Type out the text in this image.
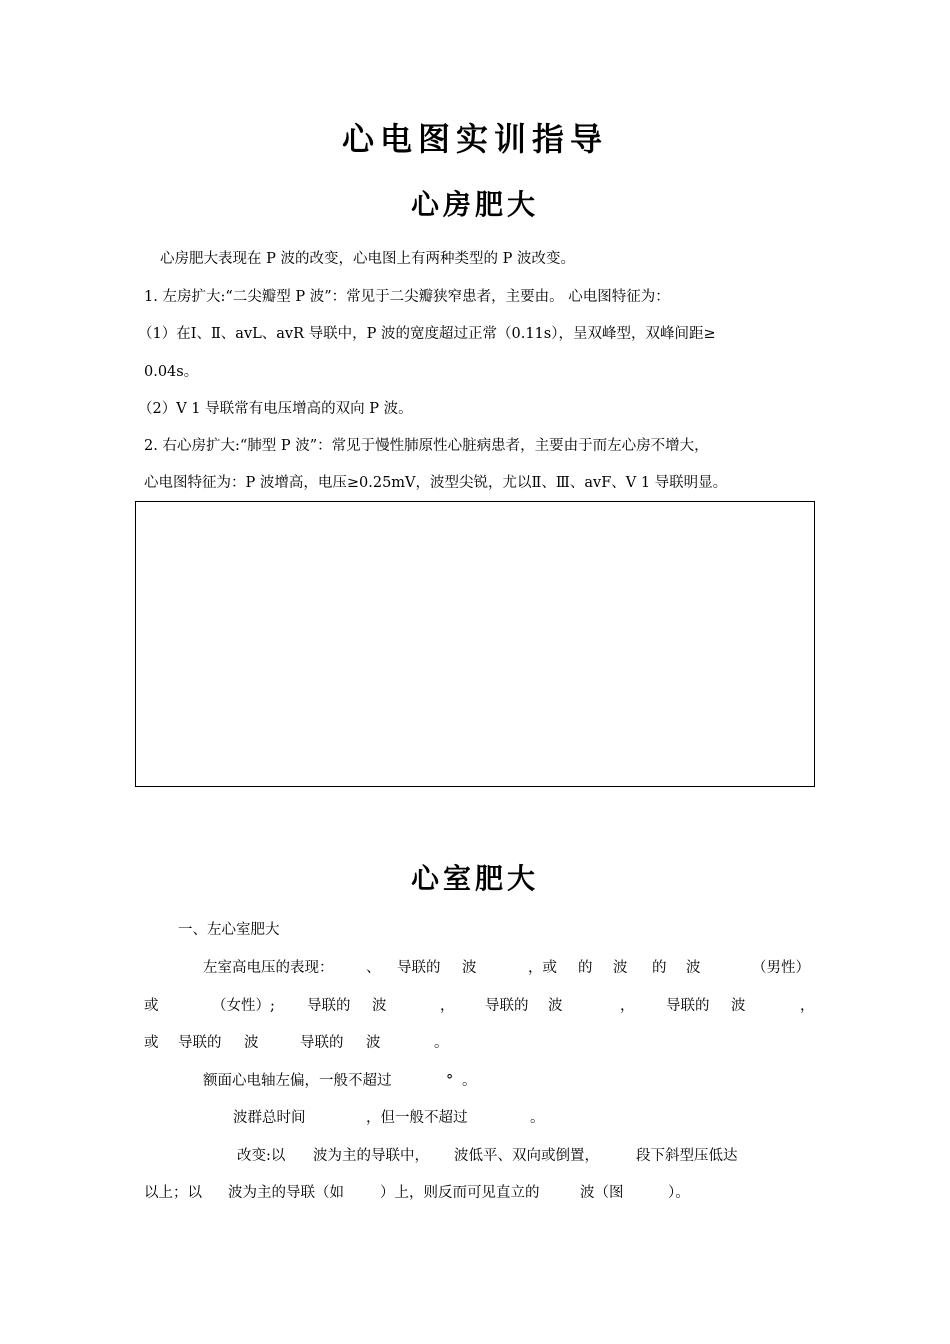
心电图实训指导
心房肥大
心房肥大表现在 P 波的改变，心电图上有两种类型的 P 波改变。
1. 左房扩大:“二尖瓣型 P 波”：常见于二尖瓣狭窄患者，主要由。 心电图特征为：
（1）在Ⅰ、Ⅱ、avL、avR 导联中，P 波的宽度超过正常（0.11s），呈双峰型，双峰间距≥
0.04s。
（2）V 1 导联常有电压增高的双向 P 波。
2. 右心房扩大:“肺型 P 波”：常见于慢性肺原性心脏病患者，主要由于而左心房不增大，
心电图特征为：P 波增高，电压≥0.25mV，波型尖锐，尤以Ⅱ、Ⅲ、avF、V 1 导联明显。
心室肥大
一、左心室肥大
左室高电压的表现： 、 导联的 波	，或 的 波 的 波	（男性）
或	（女性）; 导联的 波	， 导联的 波	， 导联的 波	，
或 导联的 波	导联的 波	。
额面心电轴左偏，一般不超过	° 。
波群总时间	，但一般不超过	。
改变:以 波为主的导联中， 波低平、双向或倒置，	段下斜型压低达
以上；以 波为主的导联（如 ）上，则反而可见直立的	波（图	）。
